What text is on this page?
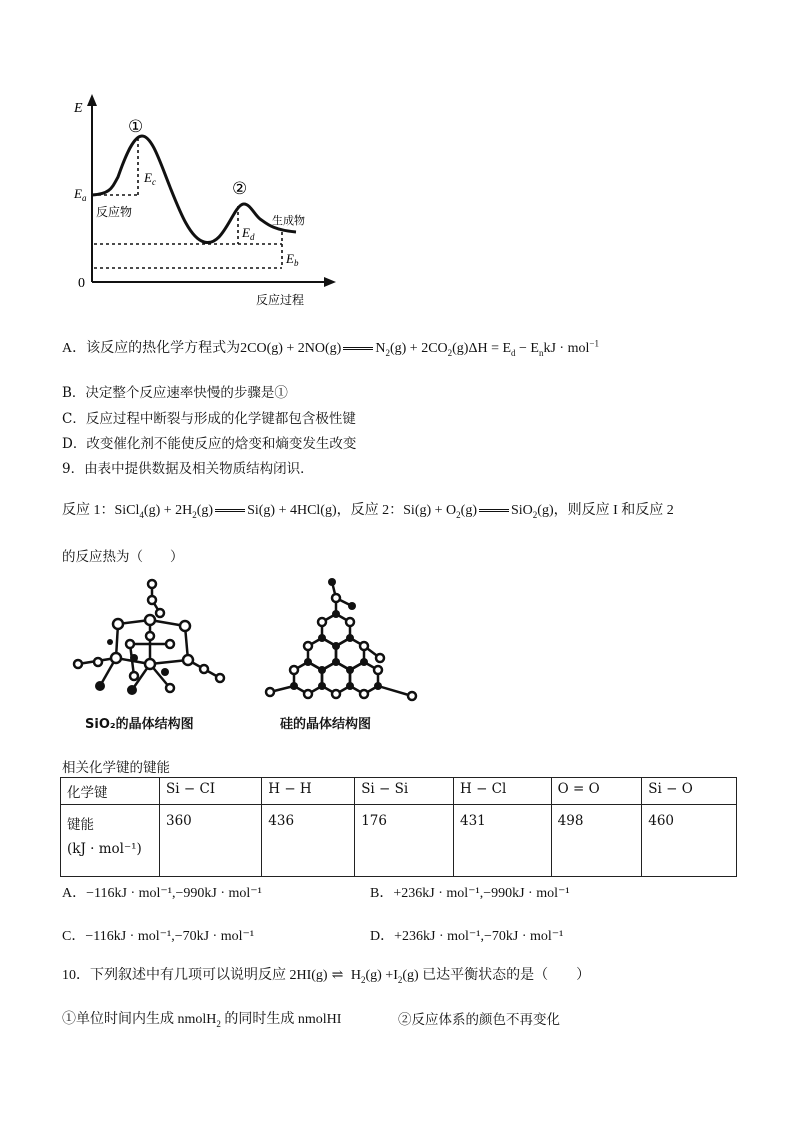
E
0
①
②
$E_a$
$E_c$
$E_d$
$E_b$
反应物
生成物
反应过程
A．该反应的热化学方程式为2CO(g) + 2NO(g) $N_2(g) + 2CO_2(g)\Delta H = E_d - E_nkJ \cdot mol^{-1}$
B．决定整个反应速率快慢的步骤是①
C．反应过程中断裂与形成的化学键都包含极性键
D．改变催化剂不能使反应的焓变和熵变发生改变
9．由表中提供数据及相关物质结构闭识．
反应 1：SiCl$_4$(g) + $2H_2(g) Si(g) + 4HCl(g)$，反应 2：$Si(g) + O_2(g)$ SiO$_2$(g)，则反应 I 和反应 2
的反应热为（　　）
SiO₂的晶体结构图	硅的晶体结构图
相关化学键的键能
化学键	Si − CI	H − H	Si − Si	H − Cl	O = O	Si − O

键能
(kJ · mol⁻¹)	360	436	176	431	498	460
A．−116kJ · mol⁻¹,−990kJ · mol⁻¹	B．+236kJ · mol⁻¹,−990kJ · mol⁻¹
C．−116kJ · mol⁻¹,−70kJ · mol⁻¹	D．+236kJ · mol⁻¹,−70kJ · mol⁻¹
10．下列叙述中有几项可以说明反应 2HI(g) ⇌ $H_2(g) +I_2(g)$ 已达平衡状态的是（　　）
①单位时间内生成 nmolH$_2$ 的同时生成 nmolHI	②反应体系的颜色不再变化
